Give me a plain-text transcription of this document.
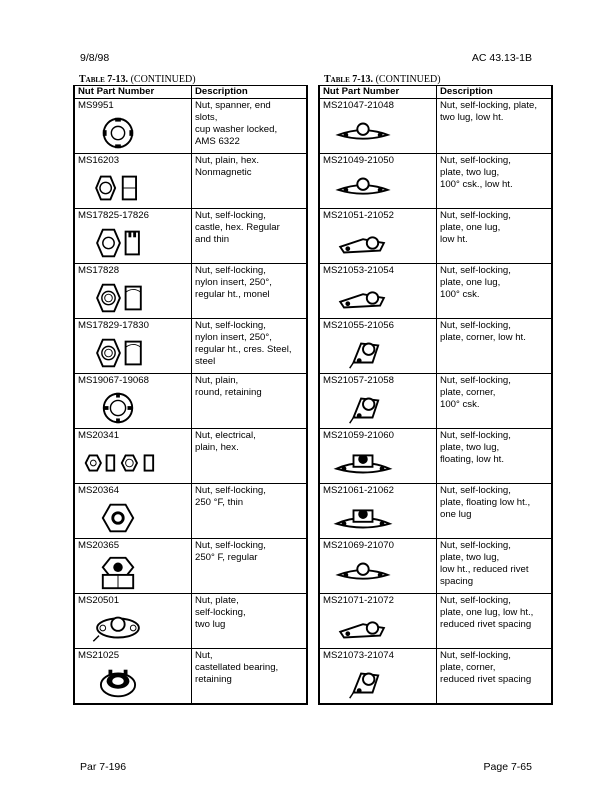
9/8/98	AC 43.13-1B
Table 7-13. (CONTINUED)	Table 7-13. (CONTINUED)
Nut Part Number	Description

MS9951	Nut, spanner, end
slots,
cup washer locked,
AMS 6322

MS16203	Nut, plain, hex.
Nonmagnetic

MS17825-17826	Nut, self-locking,
castle, hex. Regular
and thin

MS17828	Nut, self-locking,
nylon insert, 250°,
regular ht., monel

MS17829-17830	Nut, self-locking,
nylon insert, 250°,
regular ht., cres. Steel,
steel

MS19067-19068	Nut, plain,
round, retaining

MS20341	Nut, electrical,
plain, hex.

MS20364	Nut, self-locking,
250 °F, thin

MS20365	Nut, self-locking,
250° F, regular

MS20501	Nut, plate,
self-locking,
two lug

MS21025	Nut,
castellated bearing,
retaining
Nut Part Number	Description

MS21047-21048	Nut, self-locking, plate,
two lug, low ht.

MS21049-21050	Nut, self-locking,
plate, two lug,
100° csk., low ht.

MS21051-21052	Nut, self-locking,
plate, one lug,
low ht.

MS21053-21054	Nut, self-locking,
plate, one lug,
100° csk.

MS21055-21056	Nut, self-locking,
plate, corner, low ht.

MS21057-21058	Nut, self-locking,
plate, corner,
100° csk.

MS21059-21060	Nut, self-locking,
plate, two lug,
floating, low ht.

MS21061-21062	Nut, self-locking,
plate, floating low ht.,
one lug

MS21069-21070	Nut, self-locking,
plate, two lug,
low ht., reduced rivet
spacing

MS21071-21072	Nut, self-locking,
plate, one lug, low ht.,
reduced rivet spacing

MS21073-21074	Nut, self-locking,
plate, corner,
reduced rivet spacing
Par 7-196	Page 7-65
